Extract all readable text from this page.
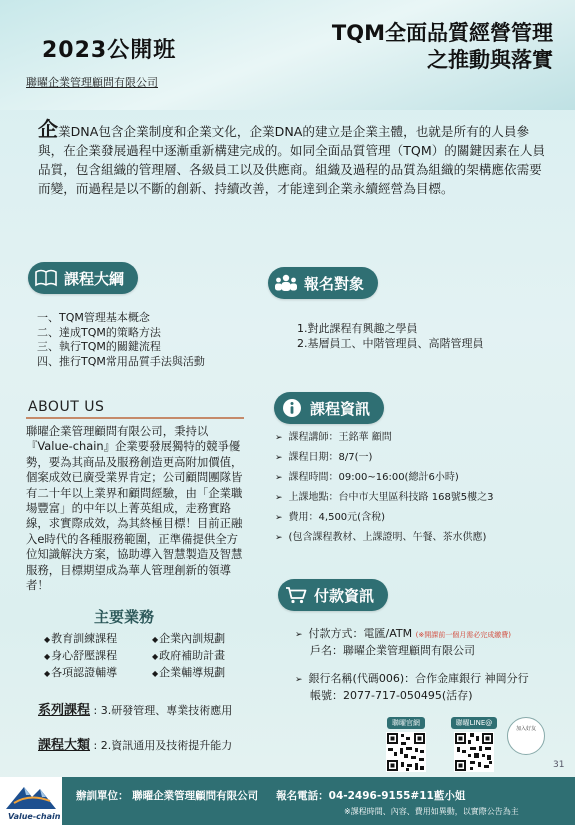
2023公開班
聯曜企業管理顧問有限公司
TQM全面品質經營管理
之推動與落實
企業DNA包含企業制度和企業文化，企業DNA的建立是企業主體，也就是所有的人員參與，在企業發展過程中逐漸重新構建完成的。如同全面品質管理（TQM）的關鍵因素在人員品質，包含組織的管理層、各級員工以及供應商。組織及過程的品質為組織的架構應依需要而變，而過程是以不斷的創新、持續改善，才能達到企業永續經營為目標。
課程大綱
一、TQM管理基本概念
二、達成TQM的策略方法
三、執行TQM的關鍵流程
四、推行TQM常用品質手法與活動
報名對象
1.對此課程有興趣之學員
2.基層員工、中階管理員、高階管理員
ABOUT US
聯曜企業管理顧問有限公司，秉持以『Value-chain』企業要發展獨特的競爭優勢，要為其商品及服務創造更高附加價值，個案成效已廣受業界肯定；公司顧問團隊皆有二十年以上業界和顧問經驗，由「企業職場豐富」的中年以上菁英組成，走務實路線，求實際成效，為其終極目標！目前正融入e時代的各種服務範圍，正準備提供全方位知識解決方案，協助導入智慧製造及智慧服務，目標期望成為華人管理創新的領導者！
課程資訊
➢ 課程講師：王銘華 顧問
➢ 課程日期：8/7(一)
➢ 課程時間：09:00~16:00(總計6小時)
➢ 上課地點：台中市大里區科技路 168號5樓之3
➢ 費用：4,500元(含稅)
➢ (包含課程教材、上課證明、午餐、茶水供應)
主要業務
◆ 教育訓練課程	◆ 企業內訓規劃
◆ 身心舒壓課程	◆ 政府補助計畫
◆ 各項認證輔導	◆ 企業輔導規劃
系列課程 : 3.研發管理、專業技術應用
課程大類 : 2.資訊通用及技術提升能力
付款資訊
➢ 付款方式：電匯/ATM (※開課前一個月需必完成繳費)
戶名：聯曜企業管理顧問有限公司
➢ 銀行名稱(代碼006)：合作金庫銀行 神岡分行
帳號：2077-717-050495(活存)
聯曜官網	聯曜LINE@
加入好友
31
辦訓單位： 聯曜企業管理顧問有限公司 報名電話：04-2496-9155#11藍小姐
※課程時間、內容、費用如異動，以實際公告為主
Value-chain
